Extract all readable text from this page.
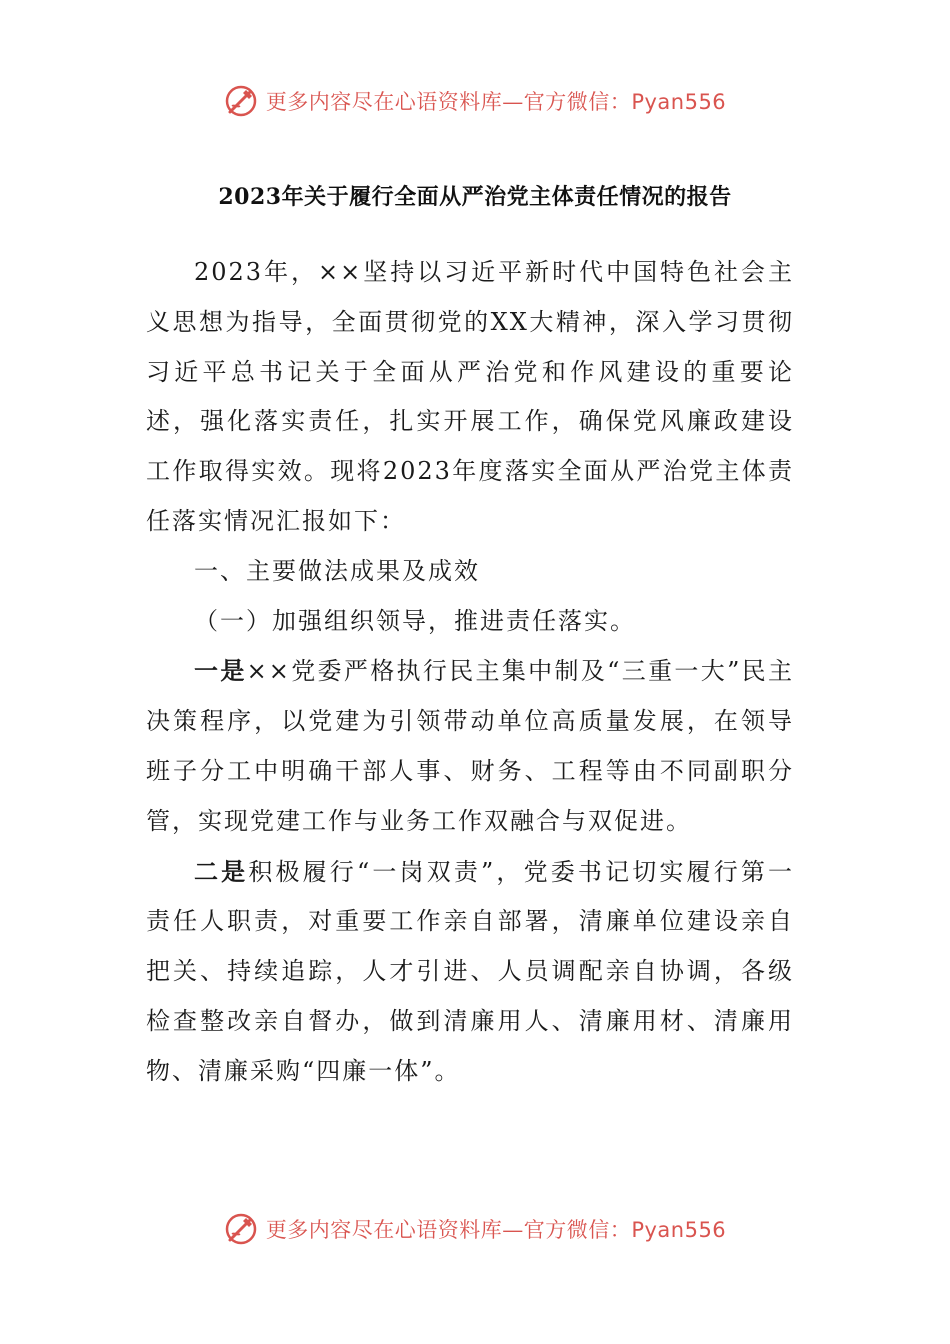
更多内容尽在心语资料库—官方微信：Pyan556
2023年关于履行全面从严治党主体责任情况的报告

2023年，××坚持以习近平新时代中国特色社会主义思想为指导，全面贯彻党的XX大精神，深入学习贯彻习近平总书记关于全面从严治党和作风建设的重要论述，强化落实责任，扎实开展工作，确保党风廉政建设工作取得实效。现将2023年度落实全面从严治党主体责任落实情况汇报如下：

一、主要做法成果及成效

（一）加强组织领导，推进责任落实。

一是××党委严格执行民主集中制及“三重一大”民主决策程序，以党建为引领带动单位高质量发展，在领导班子分工中明确干部人事、财务、工程等由不同副职分管，实现党建工作与业务工作双融合与双促进。

二是积极履行“一岗双责”，党委书记切实履行第一责任人职责，对重要工作亲自部署，清廉单位建设亲自把关、持续追踪，人才引进、人员调配亲自协调，各级检查整改亲自督办，做到清廉用人、清廉用材、清廉用物、清廉采购“四廉一体”。

更多内容尽在心语资料库—官方微信：Pyan556
